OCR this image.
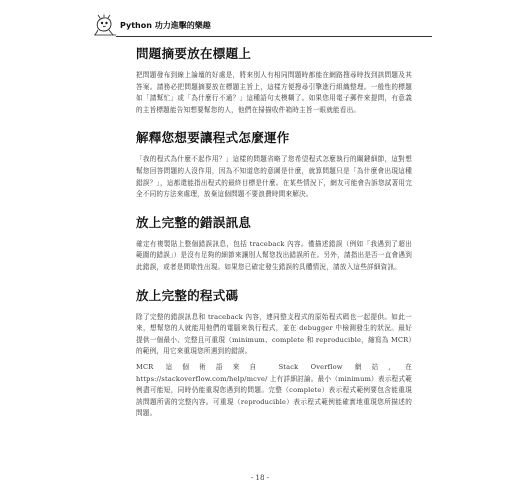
Python 功力進擊的樂趣
問題摘要放在標題上

把問題發布到線上論壇的好處是，將來別人有相同問題時都能在網路搜尋時找到該問題及其答案。請務必把問題摘要放在標題主旨上，這樣方便搜尋引擎進行組織整理。一般性的標題如「請幫忙」或「為什麼行不通？」這種語句太模糊了。如果您用電子郵件來提問，有意義的主旨標題能告知想要幫您的人，他們在掃描收件箱時主旨一眼就能看出。

解釋您想要讓程式怎麼運作

「我的程式為什麼不起作用？」這樣的問題省略了您希望程式怎麼執行的關鍵細節，這對想幫您回答問題的人沒作用，因為不知道您的意圖是什麼，就算問題只是「為什麼會出現這種錯誤？」，這都還能指出程式的最終目標是什麼。在某些情況下，網友可能會告訴您試著用完全不同的方法來處理，放棄這個問題不要浪費時間來解決。

放上完整的錯誤訊息

確定有複製貼上整個錯誤訊息，包括 traceback 內容。僅描述錯誤（例如「我遇到了超出範圍的錯誤」）是沒有足夠的細節來讓別人幫您找出錯誤所在。另外，請指出是否一直會遇到此錯誤，或者是間歇性出現。如果您已確定發生錯誤的具體情況，請放入這些詳細資訊。

放上完整的程式碼

除了完整的錯誤訊息和 traceback 內容，連同整支程式的原始程式碼也一起提供。如此一來，想幫您的人就能用他們的電腦來執行程式，並在 debugger 中檢測發生的狀況。最好提供一個最小、完整且可重現（minimum、complete 和 reproducible，縮寫為 MCR）的範例，用它來重現您所遇到的錯誤。

MCR 這個術語來自 Stack Overflow 網站，在 https://stackoverflow.com/help/mcve/ 上有詳細討論。最小（minimum）表示程式範例盡可能短，同時仍能重現您遇到的問題。完整（complete）表示程式範例要包含能重現該問題所需的完整內容。可重現（reproducible）表示程式範例能確實地重現您所描述的問題。

- 18 -
